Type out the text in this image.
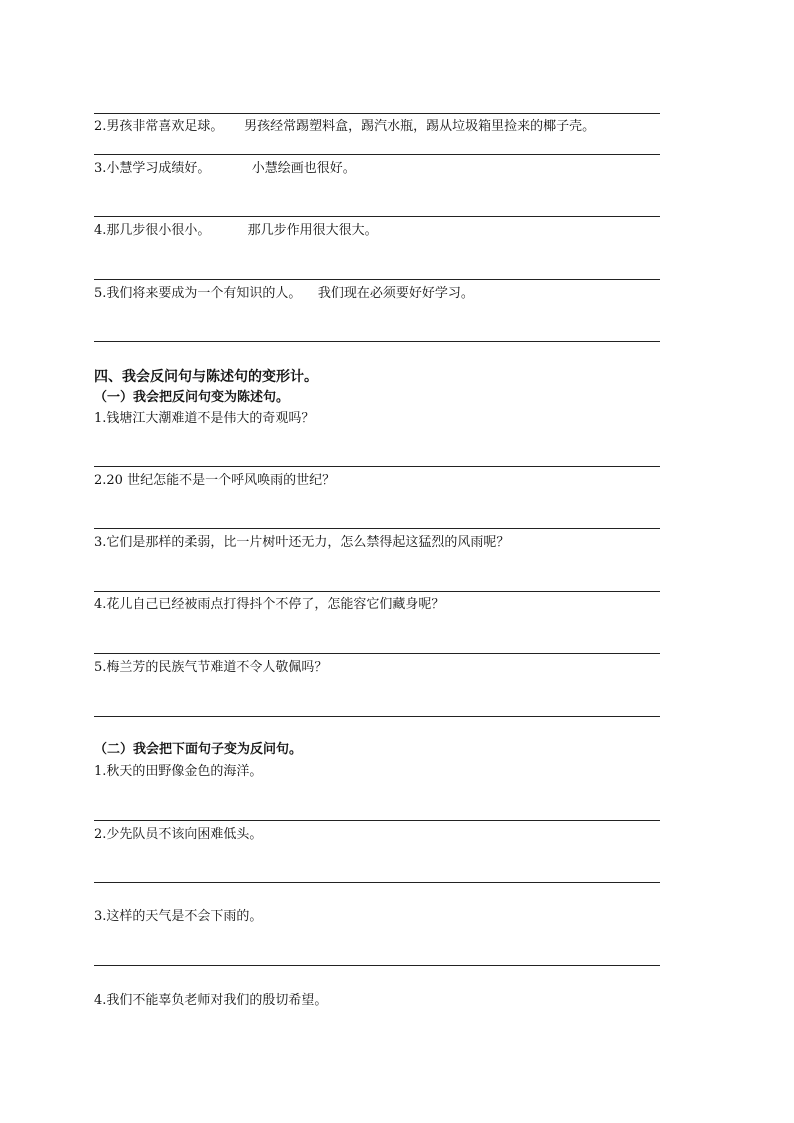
2.男孩非常喜欢足球。     男孩经常踢塑料盒，踢汽水瓶，踢从垃圾箱里捡来的椰子壳。
3.小慧学习成绩好。          小慧绘画也很好。
4.那几步很小很小。         那几步作用很大很大。
5.我们将来要成为一个有知识的人。    我们现在必须要好好学习。
四、我会反问句与陈述句的变形计。
（一）我会把反问句变为陈述句。
1.钱塘江大潮难道不是伟大的奇观吗？
2.20 世纪怎能不是一个呼风唤雨的世纪？
3.它们是那样的柔弱，比一片树叶还无力，怎么禁得起这猛烈的风雨呢？
4.花儿自己已经被雨点打得抖个不停了，怎能容它们藏身呢？
5.梅兰芳的民族气节难道不令人敬佩吗？
（二）我会把下面句子变为反问句。
1.秋天的田野像金色的海洋。
2.少先队员不该向困难低头。
3.这样的天气是不会下雨的。
4.我们不能辜负老师对我们的殷切希望。
